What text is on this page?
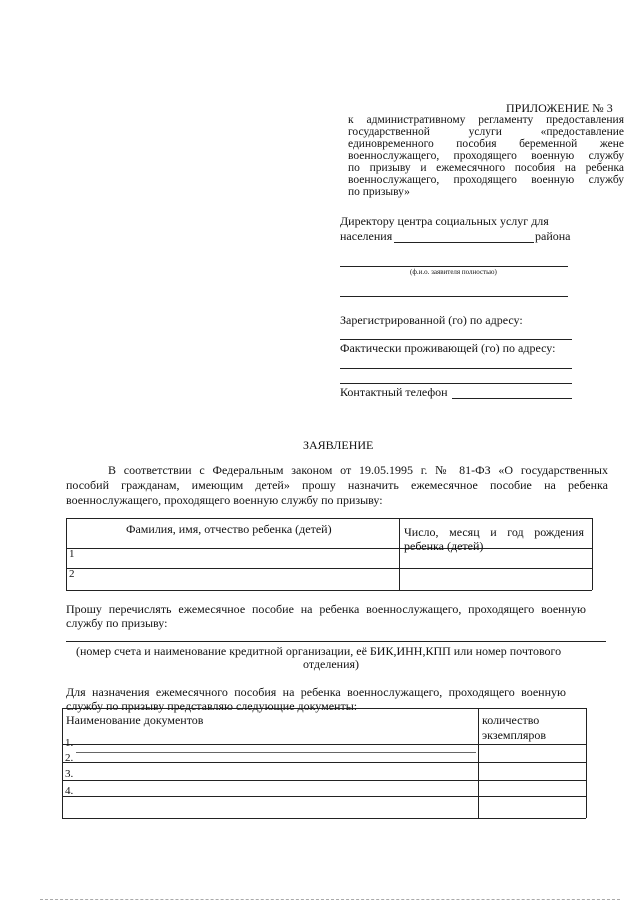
ПРИЛОЖЕНИЕ № 3
к административному регламенту предоставления
государственной услуги «предоставление
единовременного пособия беременной жене
военнослужащего, проходящего военную службу
по призыву и ежемесячного пособия на ребенка
военнослужащего, проходящего военную службу
по призыву»
Директору центра социальных услуг для
населения	района
(ф.и.о. заявителя полностью)
Зарегистрированной (го) по адресу:
Фактически проживающей (го) по адресу:
Контактный телефон
ЗАЯВЛЕНИЕ
В соответствии с Федеральным законом от 19.05.1995 г. № 81-ФЗ «О государственных
пособий гражданам, имеющим детей» прошу назначить ежемесячное пособие на ребенка
военнослужащего, проходящего военную службу по призыву:
Фамилия, имя, отчество ребенка (детей)	Число, месяц и год рождения
ребенка (детей)
1
2
Прошу перечислять ежемесячное пособие на ребенка военнослужащего, проходящего военную
службу по призыву:
(номер счета и наименование кредитной организации, её БИК,ИНН,КПП или номер почтового
отделения)
Для назначения ежемесячного пособия на ребенка военнослужащего, проходящего военную
службу по призыву представляю следующие документы:
Наименование документов	количество
экземпляров
1.
2.
3.
4.
